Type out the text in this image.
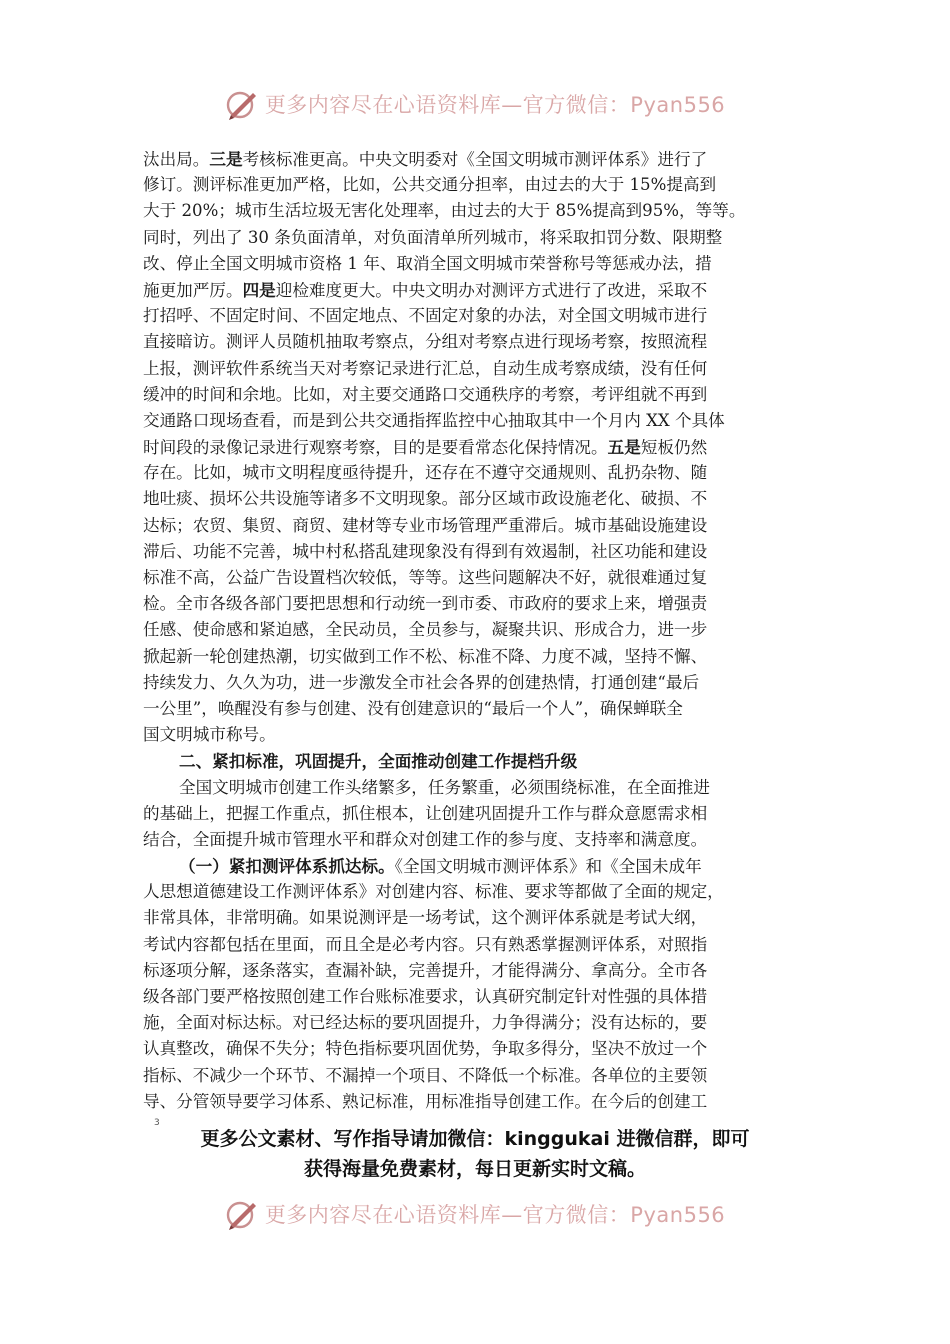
更多内容尽在心语资料库—官方微信：Pyan556
汰出局。三是考核标准更高。中央文明委对《全国文明城市测评体系》进行了
修订。测评标准更加严格，比如，公共交通分担率，由过去的大于 15%提高到
大于 20%；城市生活垃圾无害化处理率，由过去的大于 85%提高到95%，等等。
同时，列出了 30 条负面清单，对负面清单所列城市，将采取扣罚分数、限期整
改、停止全国文明城市资格 1 年、取消全国文明城市荣誉称号等惩戒办法，措
施更加严厉。四是迎检难度更大。中央文明办对测评方式进行了改进，采取不
打招呼、不固定时间、不固定地点、不固定对象的办法，对全国文明城市进行
直接暗访。测评人员随机抽取考察点，分组对考察点进行现场考察，按照流程
上报，测评软件系统当天对考察记录进行汇总，自动生成考察成绩，没有任何
缓冲的时间和余地。比如，对主要交通路口交通秩序的考察，考评组就不再到
交通路口现场查看，而是到公共交通指挥监控中心抽取其中一个月内 XX 个具体
时间段的录像记录进行观察考察，目的是要看常态化保持情况。五是短板仍然
存在。比如，城市文明程度亟待提升，还存在不遵守交通规则、乱扔杂物、随
地吐痰、损坏公共设施等诸多不文明现象。部分区域市政设施老化、破损、不
达标；农贸、集贸、商贸、建材等专业市场管理严重滞后。城市基础设施建设
滞后、功能不完善，城中村私搭乱建现象没有得到有效遏制，社区功能和建设
标准不高，公益广告设置档次较低，等等。这些问题解决不好，就很难通过复
检。全市各级各部门要把思想和行动统一到市委、市政府的要求上来，增强责
任感、使命感和紧迫感，全民动员，全员参与，凝聚共识、形成合力，进一步
掀起新一轮创建热潮，切实做到工作不松、标准不降、力度不减，坚持不懈、
持续发力、久久为功，进一步激发全市社会各界的创建热情，打通创建“最后
一公里”，唤醒没有参与创建、没有创建意识的“最后一个人”，确保蝉联全
国文明城市称号。
二、紧扣标准，巩固提升，全面推动创建工作提档升级
全国文明城市创建工作头绪繁多，任务繁重，必须围绕标准，在全面推进
的基础上，把握工作重点，抓住根本，让创建巩固提升工作与群众意愿需求相
结合，全面提升城市管理水平和群众对创建工作的参与度、支持率和满意度。
（一）紧扣测评体系抓达标。《全国文明城市测评体系》和《全国未成年
人思想道德建设工作测评体系》对创建内容、标准、要求等都做了全面的规定，
非常具体，非常明确。如果说测评是一场考试，这个测评体系就是考试大纲，
考试内容都包括在里面，而且全是必考内容。只有熟悉掌握测评体系，对照指
标逐项分解，逐条落实，查漏补缺，完善提升，才能得满分、拿高分。全市各
级各部门要严格按照创建工作台账标准要求，认真研究制定针对性强的具体措
施，全面对标达标。对已经达标的要巩固提升，力争得满分；没有达标的，要
认真整改，确保不失分；特色指标要巩固优势，争取多得分，坚决不放过一个
指标、不减少一个环节、不漏掉一个项目、不降低一个标准。各单位的主要领
导、分管领导要学习体系、熟记标准，用标准指导创建工作。在今后的创建工
3
更多公文素材、写作指导请加微信：kinggukai 进微信群，即可
获得海量免费素材，每日更新实时文稿。
更多内容尽在心语资料库—官方微信：Pyan556
